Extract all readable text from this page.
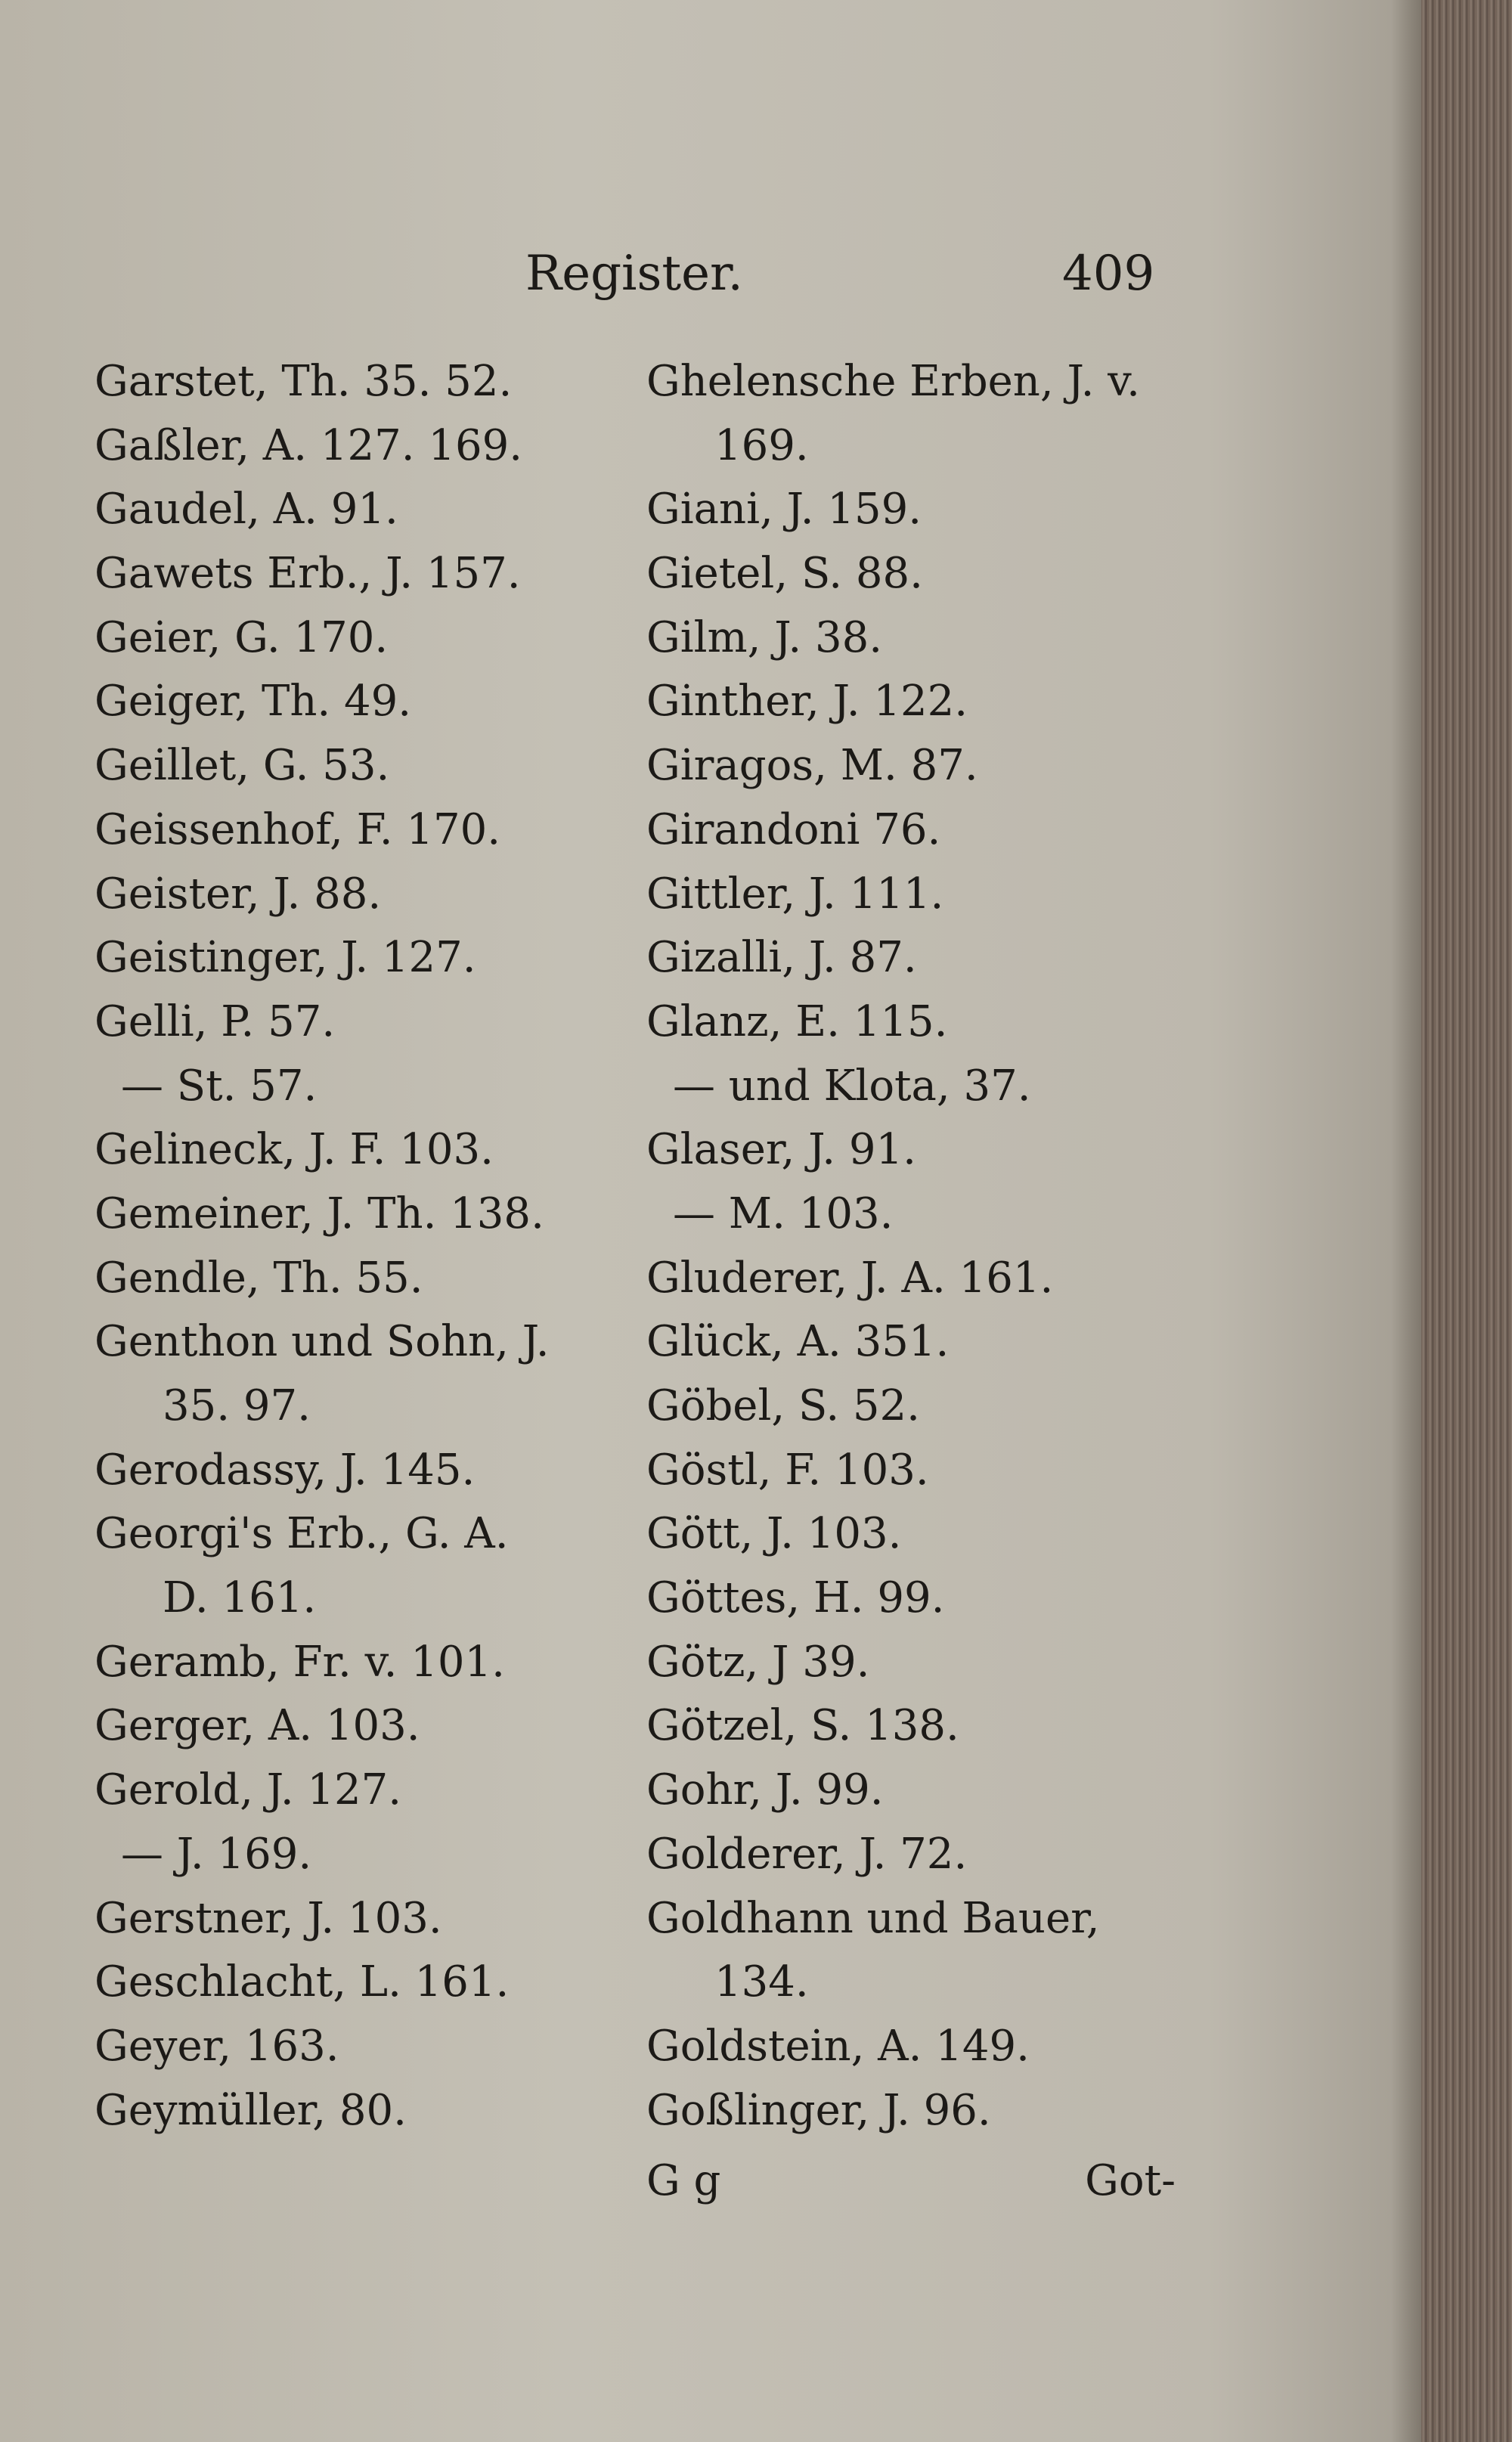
Register.	409
Garstet, Th. 35. 52.
Gaßler, A. 127. 169.
Gaudel, A. 91.
Gawets Erb., J. 157.
Geier, G. 170.
Geiger, Th. 49.
Geillet, G. 53.
Geissenhof, F. 170.
Geister, J. 88.
Geistinger, J. 127.
Gelli, P. 57.
— St. 57.
Gelineck, J. F. 103.
Gemeiner, J. Th. 138.
Gendle, Th. 55.
Genthon und Sohn, J.
35. 97.
Gerodassy, J. 145.
Georgi's Erb., G. A.
D. 161.
Geramb, Fr. v. 101.
Gerger, A. 103.
Gerold, J. 127.
— J. 169.
Gerstner, J. 103.
Geschlacht, L. 161.
Geyer, 163.
Geymüller, 80.
Ghelensche Erben, J. v.
169.
Giani, J. 159.
Gietel, S. 88.
Gilm, J. 38.
Ginther, J. 122.
Giragos, M. 87.
Girandoni 76.
Gittler, J. 111.
Gizalli, J. 87.
Glanz, E. 115.
— und Klota, 37.
Glaser, J. 91.
— M. 103.
Gluderer, J. A. 161.
Glück, A. 351.
Göbel, S. 52.
Göstl, F. 103.
Gött, J. 103.
Göttes, H. 99.
Götz, J 39.
Götzel, S. 138.
Gohr, J. 99.
Golderer, J. 72.
Goldhann und Bauer,
134.
Goldstein, A. 149.
Goßlinger, J. 96.
G g	Got-
